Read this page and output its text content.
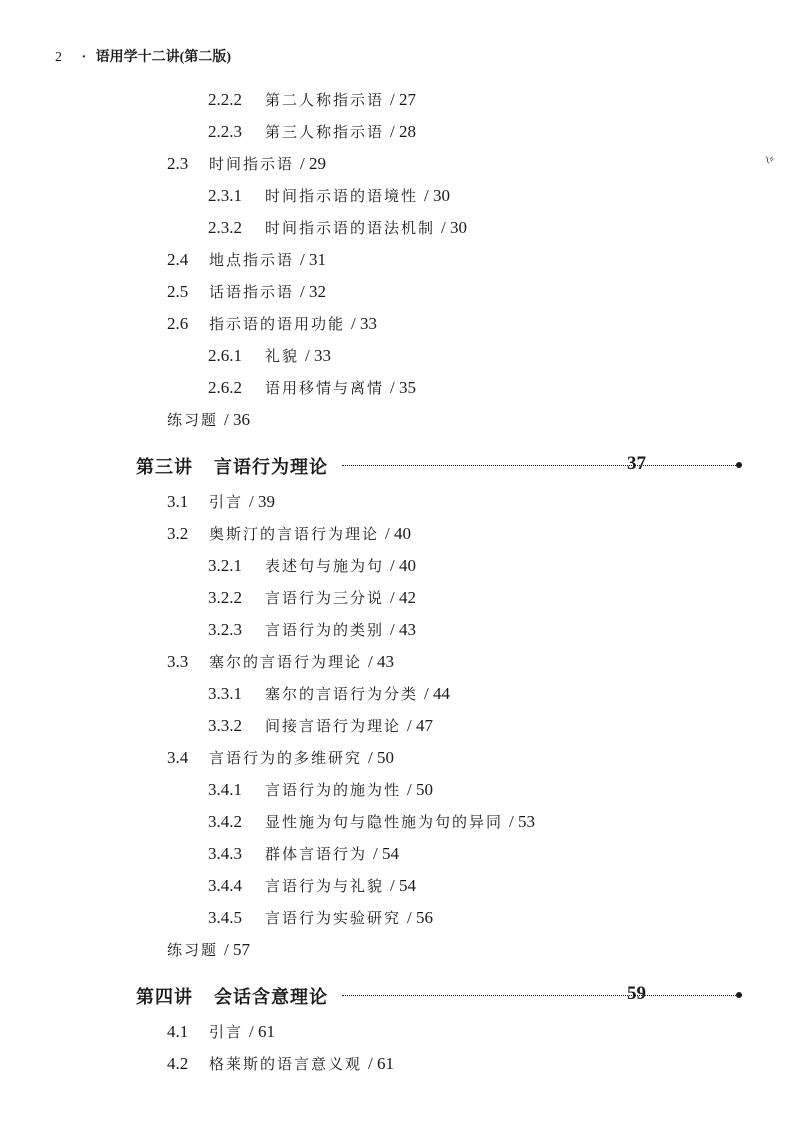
2 · 语用学十二讲(第二版)
≀⸗
2.2.2 第二人称指示语 / 27
2.2.3 第三人称指示语 / 28
2.3 时间指示语 / 29
2.3.1 时间指示语的语境性 / 30
2.3.2 时间指示语的语法机制 / 30
2.4 地点指示语 / 31
2.5 话语指示语 / 32
2.6 指示语的语用功能 / 33
2.6.1 礼貌 / 33
2.6.2 语用移情与离情 / 35
练习题 / 36
第三讲 言语行为理论	37
3.1 引言 / 39
3.2 奥斯汀的言语行为理论 / 40
3.2.1 表述句与施为句 / 40
3.2.2 言语行为三分说 / 42
3.2.3 言语行为的类别 / 43
3.3 塞尔的言语行为理论 / 43
3.3.1 塞尔的言语行为分类 / 44
3.3.2 间接言语行为理论 / 47
3.4 言语行为的多维研究 / 50
3.4.1 言语行为的施为性 / 50
3.4.2 显性施为句与隐性施为句的异同 / 53
3.4.3 群体言语行为 / 54
3.4.4 言语行为与礼貌 / 54
3.4.5 言语行为实验研究 / 56
练习题 / 57
第四讲 会话含意理论	59
4.1 引言 / 61
4.2 格莱斯的语言意义观 / 61
